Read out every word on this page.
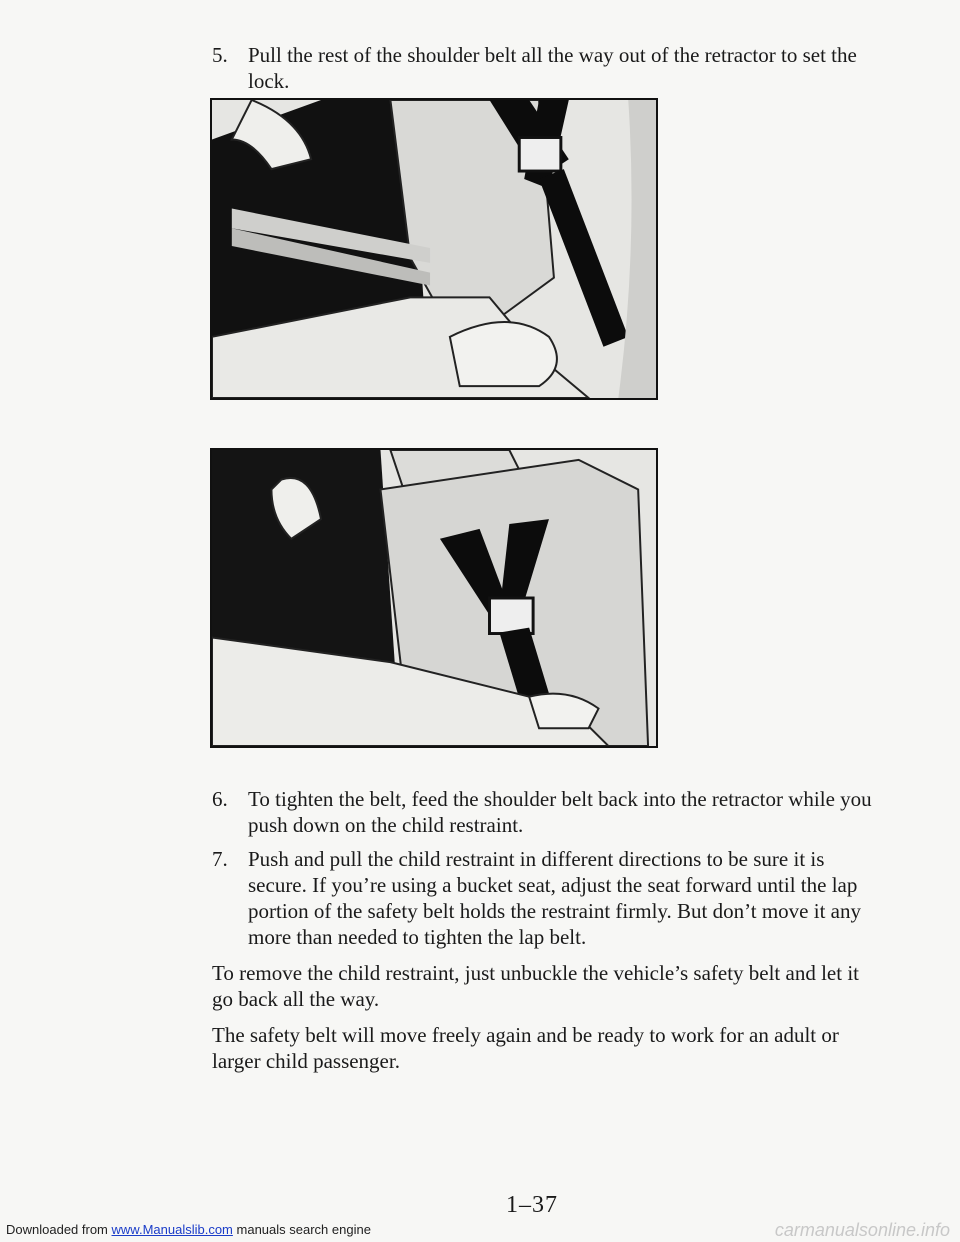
5. Pull the rest of the shoulder belt all the way out of the retractor to set the lock.
6. To tighten the belt, feed the shoulder belt back into the retractor while you push down on the child restraint.
7. Push and pull the child restraint in different directions to be sure it is secure. If you’re using a bucket seat, adjust the seat forward until the lap portion of the safety belt holds the restraint firmly. But don’t move it any more than needed to tighten the lap belt.

To remove the child restraint, just unbuckle the vehicle’s safety belt and let it go back all the way.

The safety belt will move freely again and be ready to work for an adult or larger child passenger.

1–37
Downloaded from www.Manualslib.com manuals search engine	carmanualsonline.info
